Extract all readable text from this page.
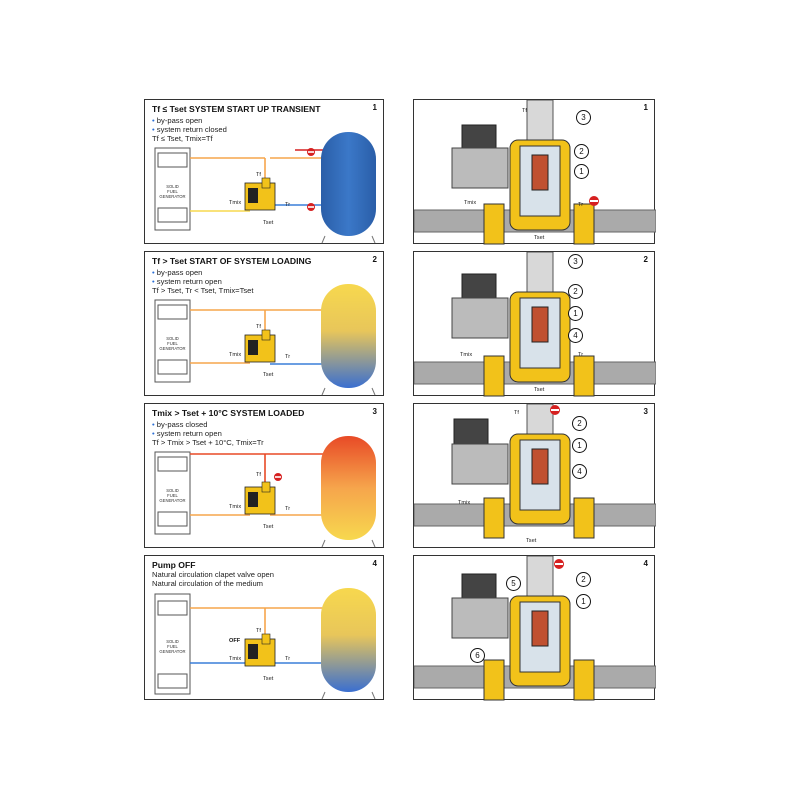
Tf ≤ Tset SYSTEM START UP TRANSIENT	1
• by-pass open
• system return closed
Tf ≤ Tset, Tmix=Tf
SOLID
FUEL
GENERATOR
Tf
Tr
Tmix
Tset
Tf > Tset START OF SYSTEM LOADING	2
• by-pass open
• system return open
Tf > Tset, Tr < Tset, Tmix=Tset
SOLID
FUEL
GENERATOR
Tf
Tr
Tmix
Tset
Tmix > Tset + 10°C SYSTEM LOADED	3
• by-pass closed
• system return open
Tf > Tmix > Tset + 10°C, Tmix=Tr
SOLID
FUEL
GENERATOR
Tf
Tr
Tmix
Tset
Pump OFF	4
Natural circulation clapet valve open
Natural circulation of the medium
SOLID
FUEL
GENERATOR
OFF
Tf
Tr
Tmix
Tset
1
Tf
Tr
Tmix
Tset
3
2
1
2
Tr
Tmix
Tset
3
2
1
4
3
Tf
Tmix
Tset
2
1
4
4
5	2
1
6
